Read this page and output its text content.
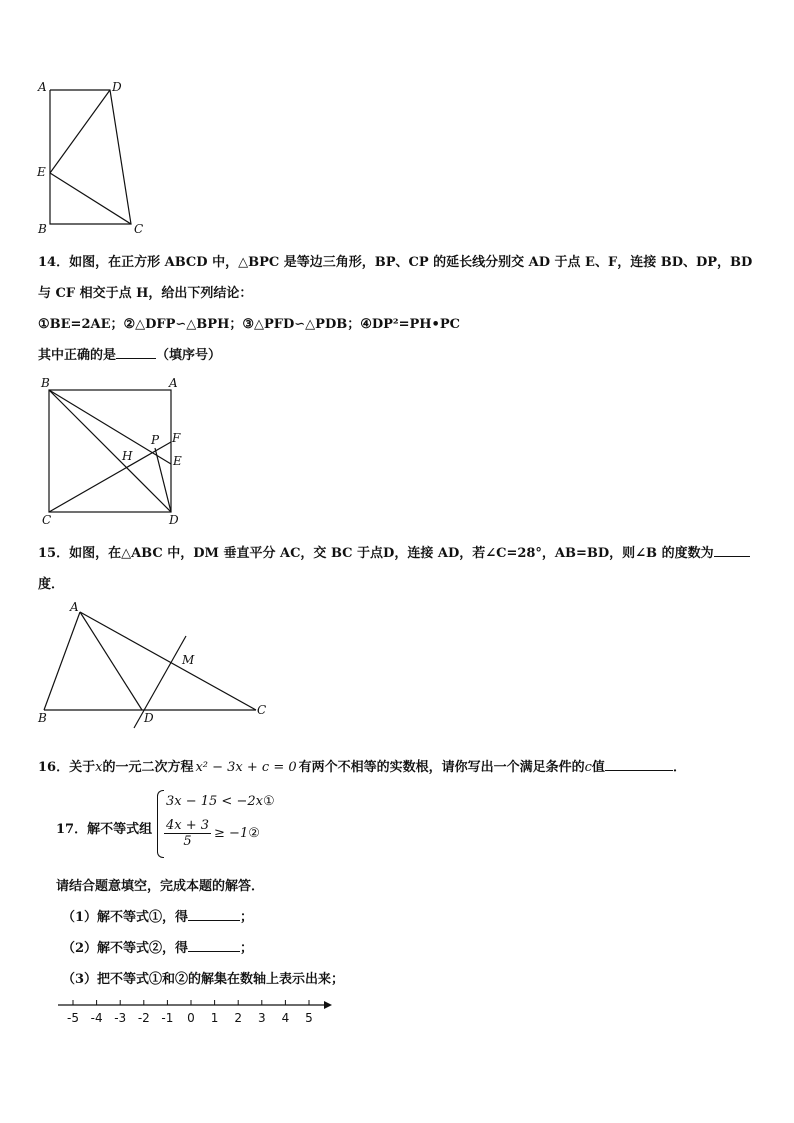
A	D
E
B	C
14．如图，在正方形 ABCD 中，△BPC 是等边三角形，BP、CP 的延长线分别交 AD 于点 E、F，连接 BD、DP，BD
与 CF 相交于点 H，给出下列结论：
①BE=2AE；②△DFP∽△BPH；③△PFD∽△PDB；④DP²=PH•PC
其中正确的是	（填序号）
B	A
P F
H	E
C	D
15．如图，在△ABC 中，DM 垂直平分 AC，交 BC 于点D，连接 AD，若∠C=28°，AB=BD，则∠B 的度数为
度．
A
M
B	D
C
16．关于x的一元二次方程 x² − 3x + c = 0 有两个不相等的实数根，请你写出一个满足条件的c值	．
17．解不等式组
3x − 15 < −2x①
$\frac{4x + 3}{5}$ ≥ −1②
请结合题意填空，完成本题的解答．
（1）解不等式①，得	；
（2）解不等式②，得	；
（3）把不等式①和②的解集在数轴上表示出来；
-5 -4 -3 -2 -1 0 1 2 3 4 5
